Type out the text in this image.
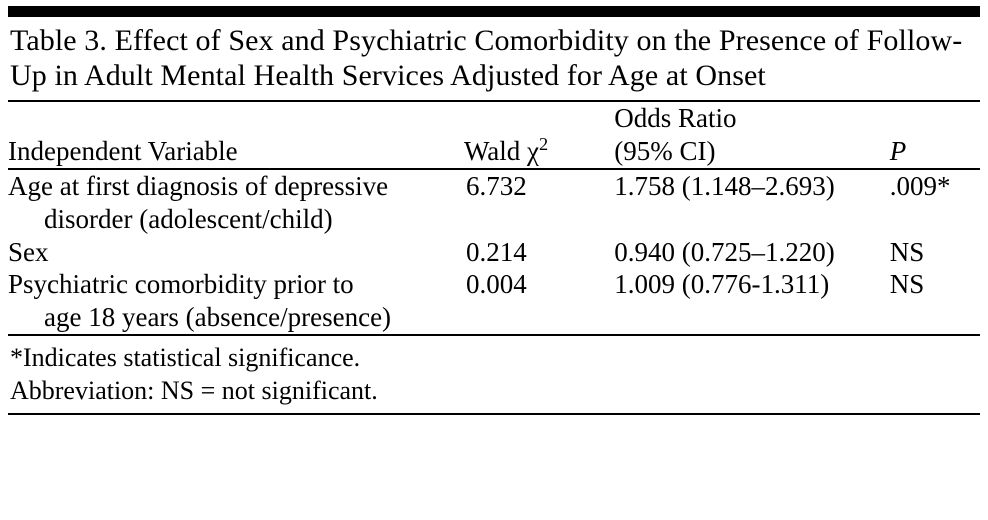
Table 3. Effect of Sex and Psychiatric Comorbidity on the Presence of Follow-Up in Adult Mental Health Services Adjusted for Age at Onset
		Odds Ratio	
Independent Variable	Wald $\chi^2$	(95% CI)	P
Age at first diagnosis of depressive
disorder (adolescent/child)	6.732	1.758 (1.148–2.693)	.009*
Sex	0.214	0.940 (0.725–1.220)	NS
Psychiatric comorbidity prior to
age 18 years (absence/presence)	0.004	1.009 (0.776-1.311)	NS
*Indicates statistical significance.
Abbreviation: NS = not significant.
